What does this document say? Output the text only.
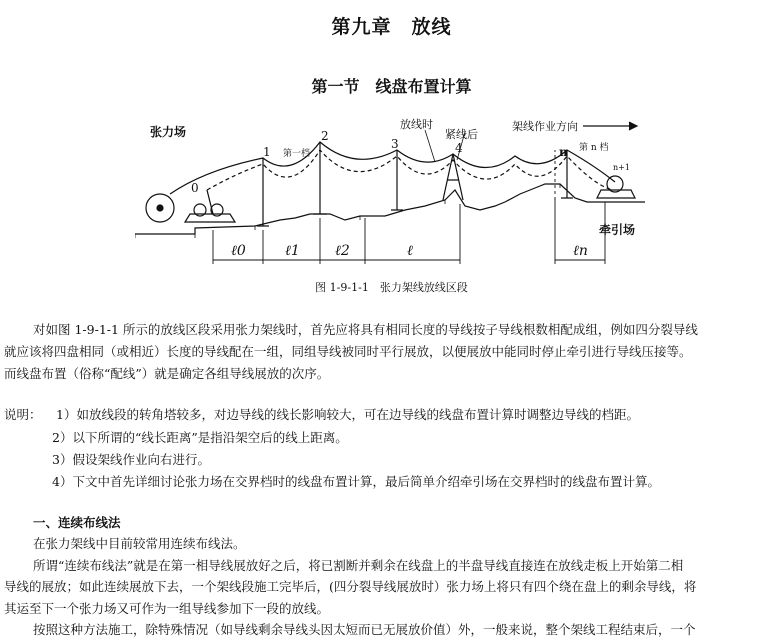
第九章　放线
第一节　线盘布置计算
张力场
牵引场
架线作业方向
放线时
紧线后
第一档
第 n 档
0
1
2
3	4	n
n+1
ℓ0	ℓ1	ℓ2	ℓ	ℓn
图 1-9-1-1　张力架线放线区段
对如图 1-9-1-1 所示的放线区段采用张力架线时，首先应将具有相同长度的导线按子导线根数相配成组，例如四分裂导线
就应该将四盘相同（或相近）长度的导线配在一组，同组导线被同时平行展放，以便展放中能同时停止牵引进行导线压接等。
而线盘布置（俗称“配线”）就是确定各组导线展放的次序。
说明： 1）如放线段的转角塔较多，对边导线的线长影响较大，可在边导线的线盘布置计算时调整边导线的档距。
2）以下所谓的“线长距离”是指沿架空后的线上距离。
3）假设架线作业向右进行。
4）下文中首先详细讨论张力场在交界档时的线盘布置计算，最后简单介绍牵引场在交界档时的线盘布置计算。
一、连续布线法
在张力架线中目前较常用连续布线法。
所谓“连续布线法”就是在第一相导线展放好之后，将已割断并剩余在线盘上的半盘导线直接连在放线走板上开始第二相
导线的展放；如此连续展放下去，一个架线段施工完毕后，(四分裂导线展放时）张力场上将只有四个绕在盘上的剩余导线，将
其运至下一个张力场又可作为一组导线参加下一段的放线。
按照这种方法施工，除特殊情况（如导线剩余导线头因太短而已无展放价值）外，一般来说，整个架线工程结束后，一个
